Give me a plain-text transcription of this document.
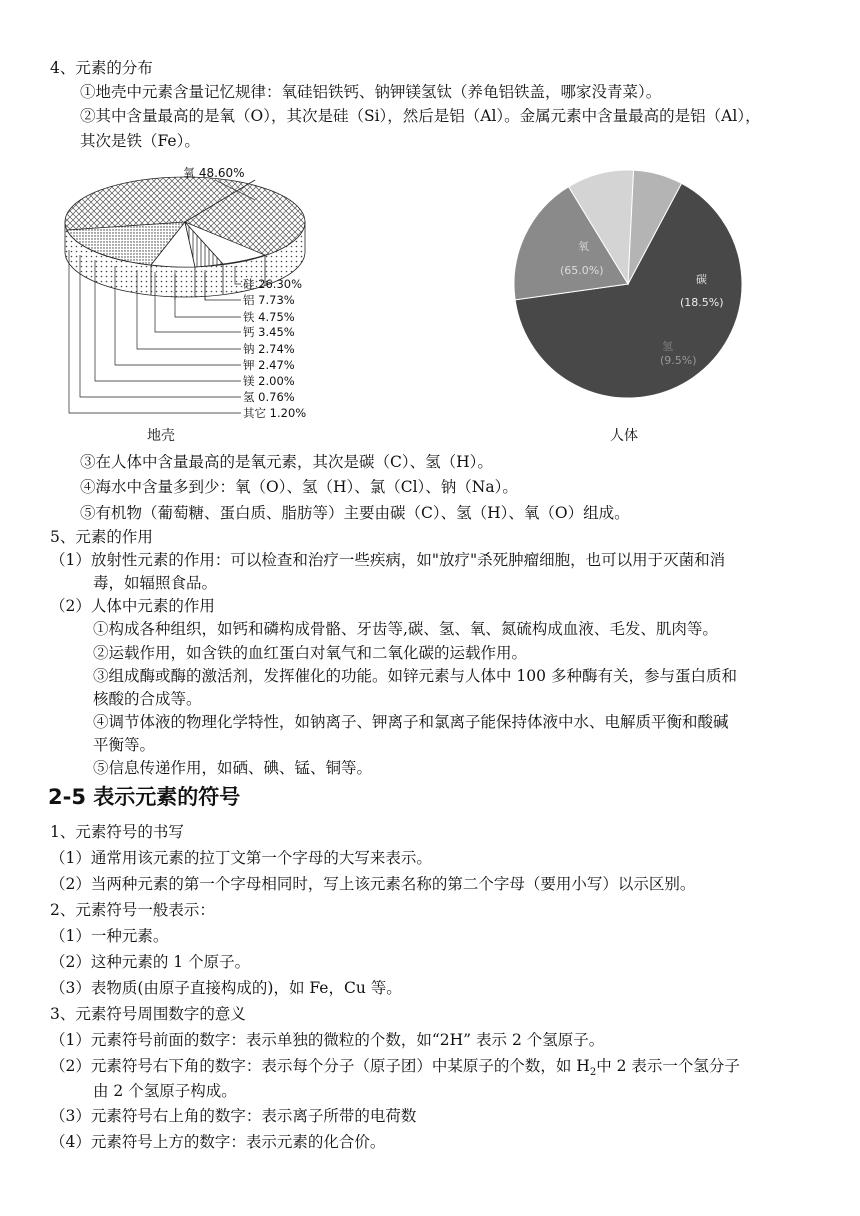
4、元素的分布
①地壳中元素含量记忆规律：氧硅铝铁钙、钠钾镁氢钛（养龟铝铁盖，哪家没青菜）。
②其中含量最高的是氧（O），其次是硅（Si），然后是铝（Al）。金属元素中含量最高的是铝（Al），
其次是铁（Fe）。
氧 48.60%
硅 26.30%
铝 7.73%
铁 4.75%
钙 3.45%
钠 2.74%
钾 2.47%
镁 2.00%
氢 0.76%
其它 1.20%
地壳
氧
(65.0%)
碳
(18.5%)
氢
(9.5%)
人体
③在人体中含量最高的是氧元素，其次是碳（C）、氢（H）。
④海水中含量多到少：氧（O）、氢（H）、氯（Cl）、钠（Na）。
⑤有机物（葡萄糖、蛋白质、脂肪等）主要由碳（C）、氢（H）、氧（O）组成。
5、元素的作用
（1）放射性元素的作用：可以检查和治疗一些疾病，如"放疗"杀死肿瘤细胞，也可以用于灭菌和消
毒，如辐照食品。
（2）人体中元素的作用
①构成各种组织，如钙和磷构成骨骼、牙齿等,碳、氢、氧、氮硫构成血液、毛发、肌肉等。
②运载作用，如含铁的血红蛋白对氧气和二氧化碳的运载作用。
③组成酶或酶的激活剂，发挥催化的功能。如锌元素与人体中 100 多种酶有关，参与蛋白质和
核酸的合成等。
④调节体液的物理化学特性，如钠离子、钾离子和氯离子能保持体液中水、电解质平衡和酸碱
平衡等。
⑤信息传递作用，如硒、碘、锰、铜等。
2-5 表示元素的符号
1、元素符号的书写
（1）通常用该元素的拉丁文第一个字母的大写来表示。
（2）当两种元素的第一个字母相同时，写上该元素名称的第二个字母（要用小写）以示区别。
2、元素符号一般表示：
（1）一种元素。
（2）这种元素的 1 个原子。
（3）表物质(由原子直接构成的)，如 Fe，Cu 等。
3、元素符号周围数字的意义
（1）元素符号前面的数字：表示单独的微粒的个数，如“2H” 表示 2 个氢原子。
（2）元素符号右下角的数字：表示每个分子（原子团）中某原子的个数，如 $H_2$中 2 表示一个氢分子
由 2 个氢原子构成。
（3）元素符号右上角的数字：表示离子所带的电荷数
（4）元素符号上方的数字：表示元素的化合价。
